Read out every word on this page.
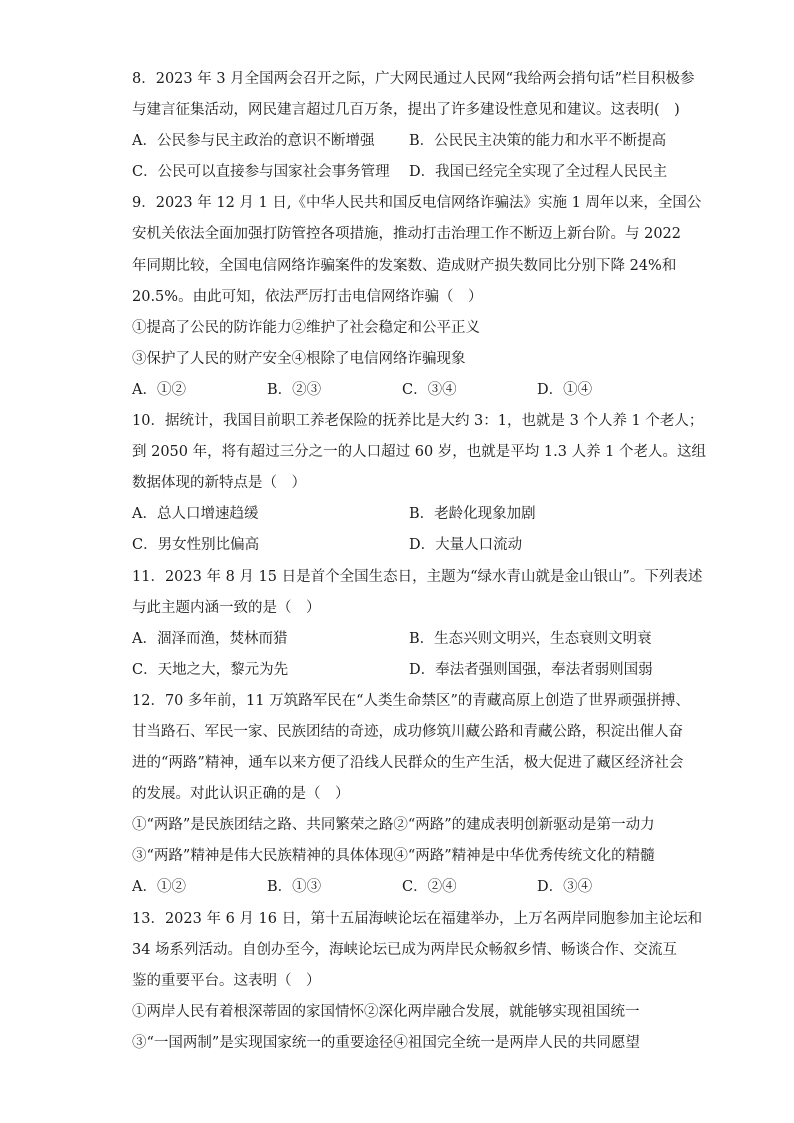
8．2023 年 3 月全国两会召开之际，广大网民通过人民网“我给两会捎句话”栏目积极参
与建言征集活动，网民建言超过几百万条，提出了许多建设性意见和建议。这表明(　)
A．公民参与民主政治的意识不断增强	B．公民民主决策的能力和水平不断提高
C．公民可以直接参与国家社会事务管理	D．我国已经完全实现了全过程人民民主
9．2023 年 12 月 1 日,《中华人民共和国反电信网络诈骗法》实施 1 周年以来，全国公
安机关依法全面加强打防管控各项措施，推动打击治理工作不断迈上新台阶。与 2022
年同期比较，全国电信网络诈骗案件的发案数、造成财产损失数同比分别下降 24%和
20.5%。由此可知，依法严厉打击电信网络诈骗（　）
①提高了公民的防诈能力②维护了社会稳定和公平正义
③保护了人民的财产安全④根除了电信网络诈骗现象
A．①②	B．②③	C．③④	D．①④
10．据统计，我国目前职工养老保险的抚养比是大约 3：1，也就是 3 个人养 1 个老人；
到 2050 年，将有超过三分之一的人口超过 60 岁，也就是平均 1.3 人养 1 个老人。这组
数据体现的新特点是（　）
A．总人口增速趋缓	B．老龄化现象加剧
C．男女性别比偏高	D．大量人口流动
11．2023 年 8 月 15 日是首个全国生态日，主题为“绿水青山就是金山银山”。下列表述
与此主题内涵一致的是（　）
A．涸泽而渔，焚林而猎	B．生态兴则文明兴，生态衰则文明衰
C．天地之大，黎元为先	D．奉法者强则国强，奉法者弱则国弱
12．70 多年前，11 万筑路军民在“人类生命禁区”的青藏高原上创造了世界顽强拼搏、
甘当路石、军民一家、民族团结的奇迹，成功修筑川藏公路和青藏公路，积淀出催人奋
进的“两路”精神，通车以来方便了沿线人民群众的生产生活，极大促进了藏区经济社会
的发展。对此认识正确的是（　）
①“两路”是民族团结之路、共同繁荣之路②“两路”的建成表明创新驱动是第一动力
③“两路”精神是伟大民族精神的具体体现④“两路”精神是中华优秀传统文化的精髓
A．①②	B．①③	C．②④	D．③④
13．2023 年 6 月 16 日，第十五届海峡论坛在福建举办，上万名两岸同胞参加主论坛和
34 场系列活动。自创办至今，海峡论坛已成为两岸民众畅叙乡情、畅谈合作、交流互
鉴的重要平台。这表明（　）
①两岸人民有着根深蒂固的家国情怀②深化两岸融合发展，就能够实现祖国统一
③“一国两制”是实现国家统一的重要途径④祖国完全统一是两岸人民的共同愿望
